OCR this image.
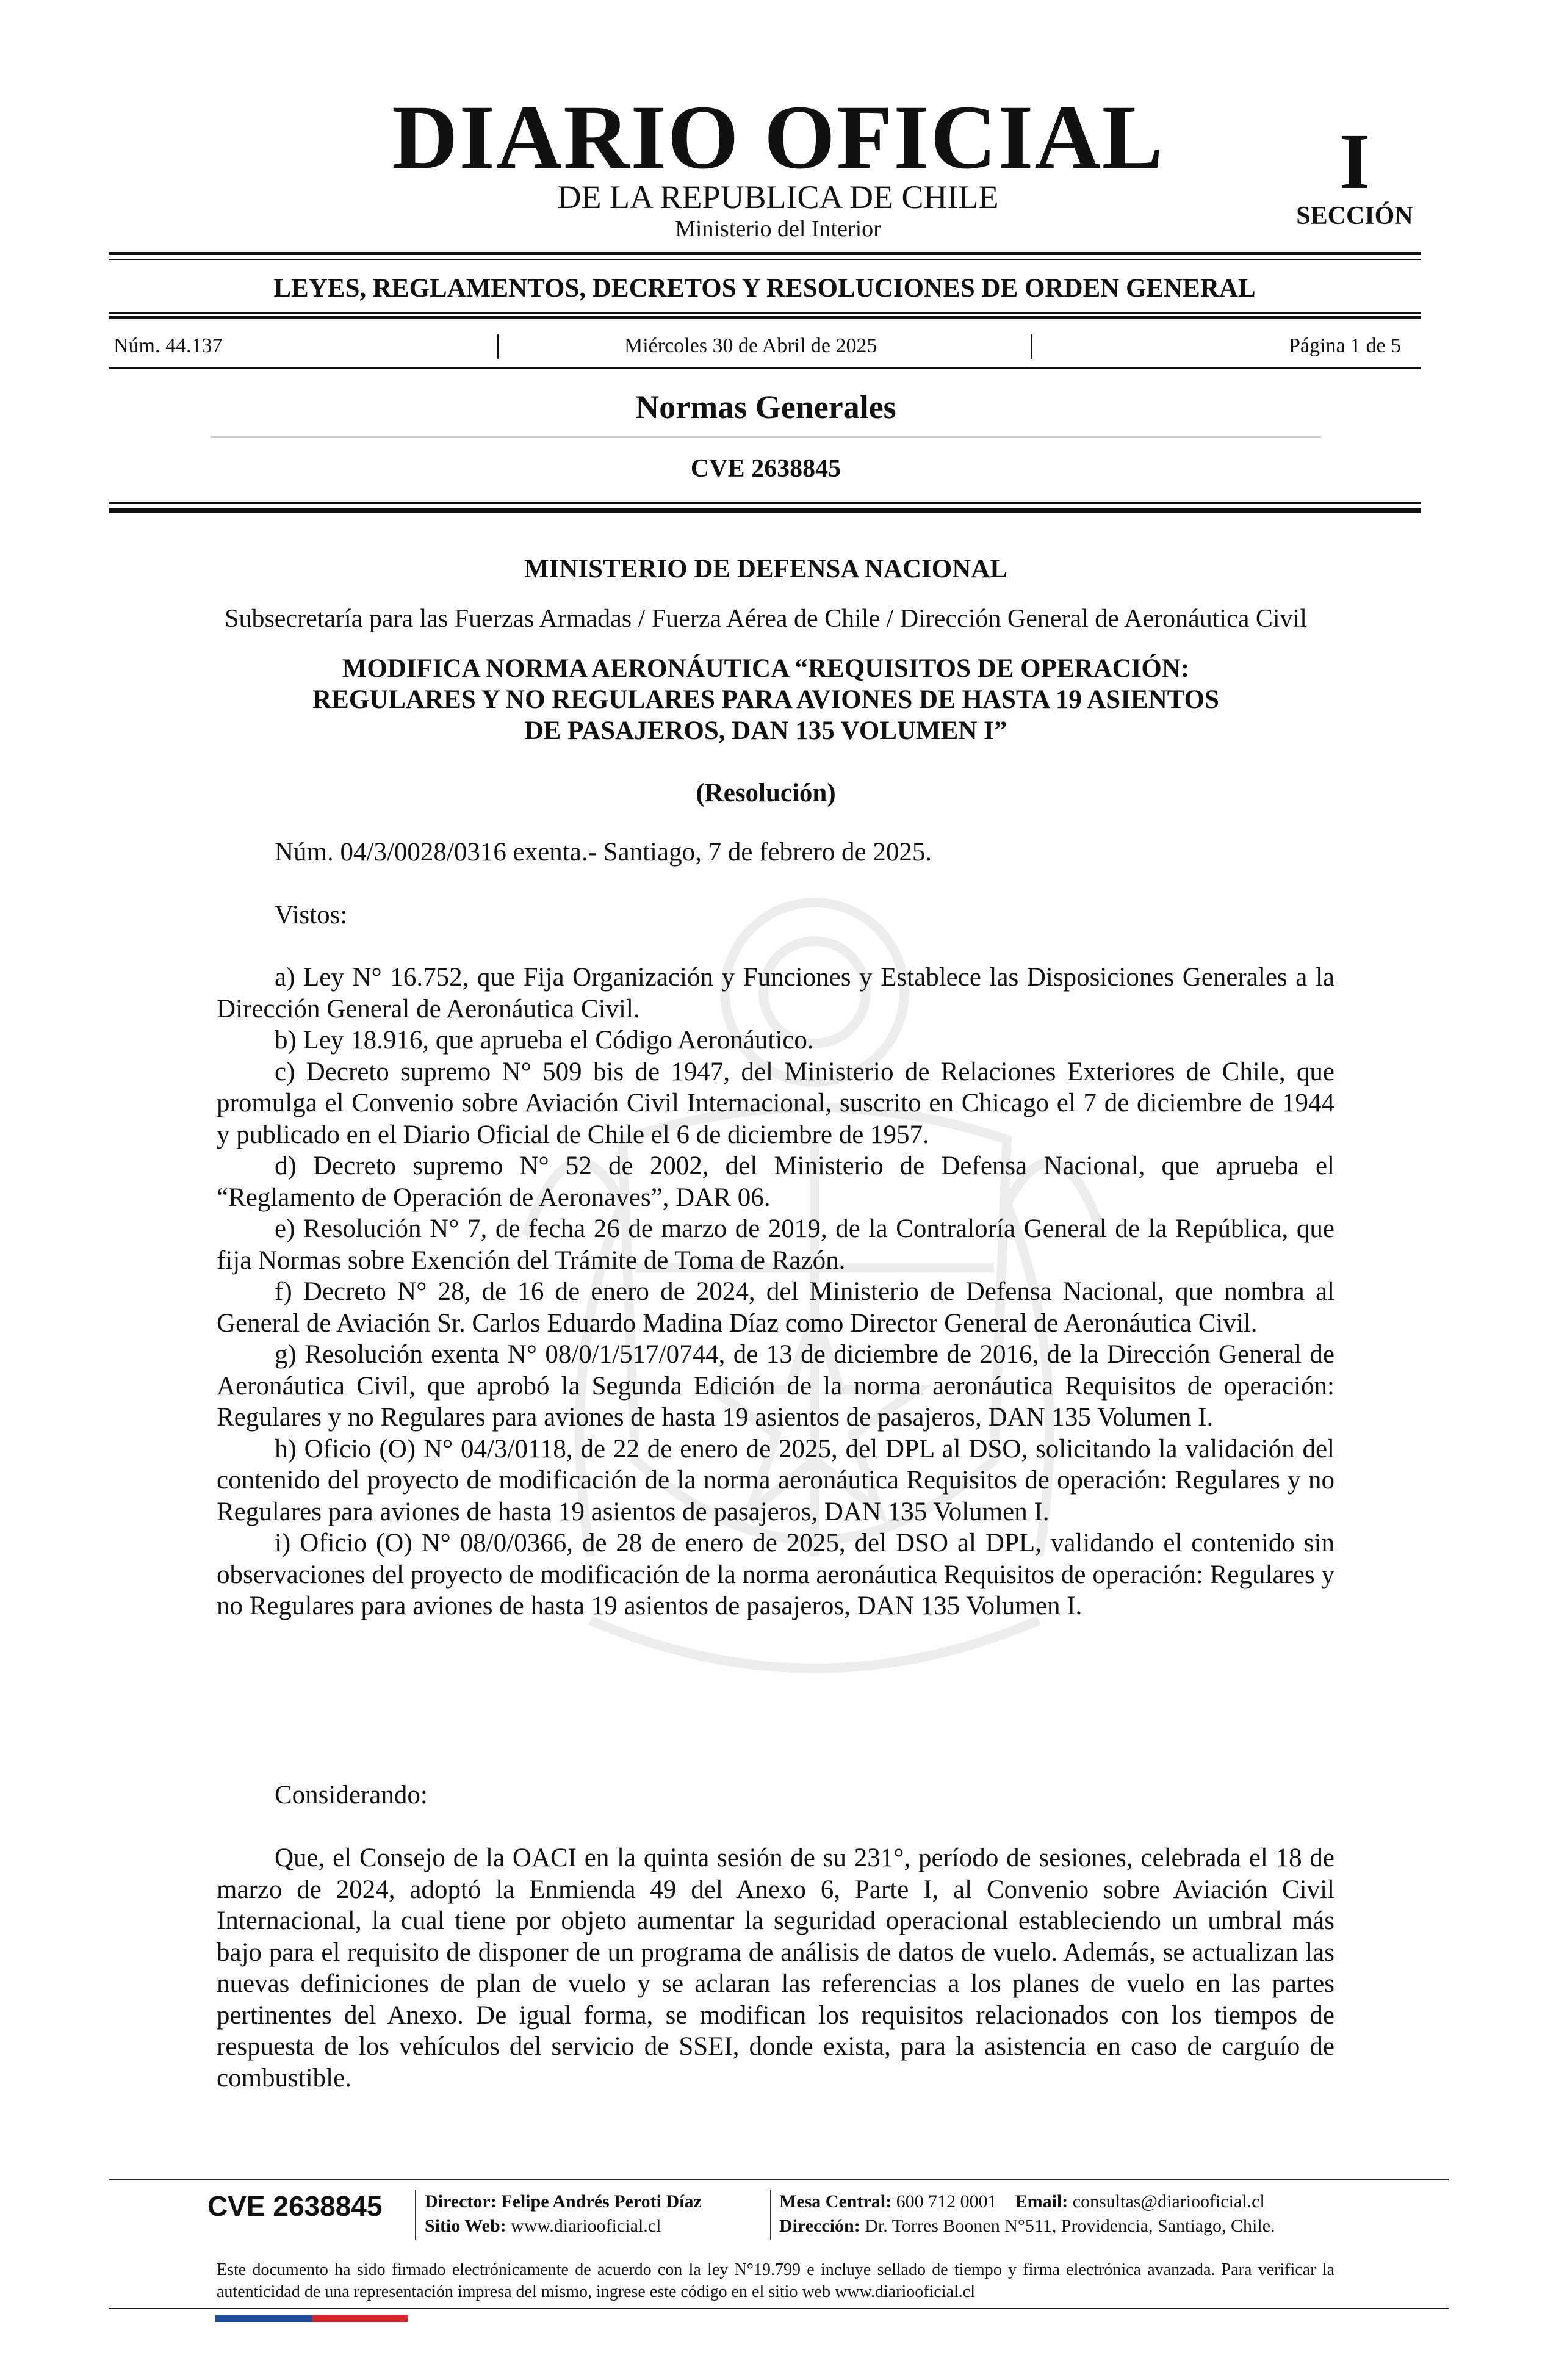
DIARIO OFICIAL
DE LA REPUBLICA DE CHILE
Ministerio del Interior
I
SECCIÓN
LEYES, REGLAMENTOS, DECRETOS Y RESOLUCIONES DE ORDEN GENERAL
Núm. 44.137	Miércoles 30 de Abril de 2025	Página 1 de 5
Normas Generales
CVE 2638845
MINISTERIO DE DEFENSA NACIONAL
Subsecretaría para las Fuerzas Armadas / Fuerza Aérea de Chile / Dirección General de Aeronáutica Civil
MODIFICA NORMA AERONÁUTICA “REQUISITOS DE OPERACIÓN:
REGULARES Y NO REGULARES PARA AVIONES DE HASTA 19 ASIENTOS
DE PASAJEROS, DAN 135 VOLUMEN I”
(Resolución)
Núm. 04/3/0028/0316 exenta.- Santiago, 7 de febrero de 2025.
Vistos:

a) Ley N° 16.752, que Fija Organización y Funciones y Establece las Disposiciones Generales a la Dirección General de Aeronáutica Civil.

b) Ley 18.916, que aprueba el Código Aeronáutico.

c) Decreto supremo N° 509 bis de 1947, del Ministerio de Relaciones Exteriores de Chile, que promulga el Convenio sobre Aviación Civil Internacional, suscrito en Chicago el 7 de diciembre de 1944 y publicado en el Diario Oficial de Chile el 6 de diciembre de 1957.

d) Decreto supremo N° 52 de 2002, del Ministerio de Defensa Nacional, que aprueba el “Reglamento de Operación de Aeronaves”, DAR 06.

e) Resolución N° 7, de fecha 26 de marzo de 2019, de la Contraloría General de la República, que fija Normas sobre Exención del Trámite de Toma de Razón.

f) Decreto N° 28, de 16 de enero de 2024, del Ministerio de Defensa Nacional, que nombra al General de Aviación Sr. Carlos Eduardo Madina Díaz como Director General de Aeronáutica Civil.

g) Resolución exenta N° 08/0/1/517/0744, de 13 de diciembre de 2016, de la Dirección General de Aeronáutica Civil, que aprobó la Segunda Edición de la norma aeronáutica Requisitos de operación: Regulares y no Regulares para aviones de hasta 19 asientos de pasajeros, DAN 135 Volumen I.

h) Oficio (O) N° 04/3/0118, de 22 de enero de 2025, del DPL al DSO, solicitando la validación del contenido del proyecto de modificación de la norma aeronáutica Requisitos de operación: Regulares y no Regulares para aviones de hasta 19 asientos de pasajeros, DAN 135 Volumen I.

i) Oficio (O) N° 08/0/0366, de 28 de enero de 2025, del DSO al DPL, validando el contenido sin observaciones del proyecto de modificación de la norma aeronáutica Requisitos de operación: Regulares y no Regulares para aviones de hasta 19 asientos de pasajeros, DAN 135 Volumen I.

Considerando:

Que, el Consejo de la OACI en la quinta sesión de su 231°, período de sesiones, celebrada el 18 de marzo de 2024, adoptó la Enmienda 49 del Anexo 6, Parte I, al Convenio sobre Aviación Civil Internacional, la cual tiene por objeto aumentar la seguridad operacional estableciendo un umbral más bajo para el requisito de disponer de un programa de análisis de datos de vuelo. Además, se actualizan las nuevas definiciones de plan de vuelo y se aclaran las referencias a los planes de vuelo en las partes pertinentes del Anexo. De igual forma, se modifican los requisitos relacionados con los tiempos de respuesta de los vehículos del servicio de SSEI, donde exista, para la asistencia en caso de carguío de combustible.

CVE 2638845 Director: Felipe Andrés Peroti Díaz
Sitio Web: www.diariooficial.cl
Mesa Central: 600 712 0001 Email: consultas@diariooficial.cl
Dirección: Dr. Torres Boonen N°511, Providencia, Santiago, Chile.
Este documento ha sido firmado electrónicamente de acuerdo con la ley N°19.799 e incluye sellado de tiempo y firma electrónica avanzada. Para verificar la autenticidad de una representación impresa del mismo, ingrese este código en el sitio web www.diariooficial.cl
